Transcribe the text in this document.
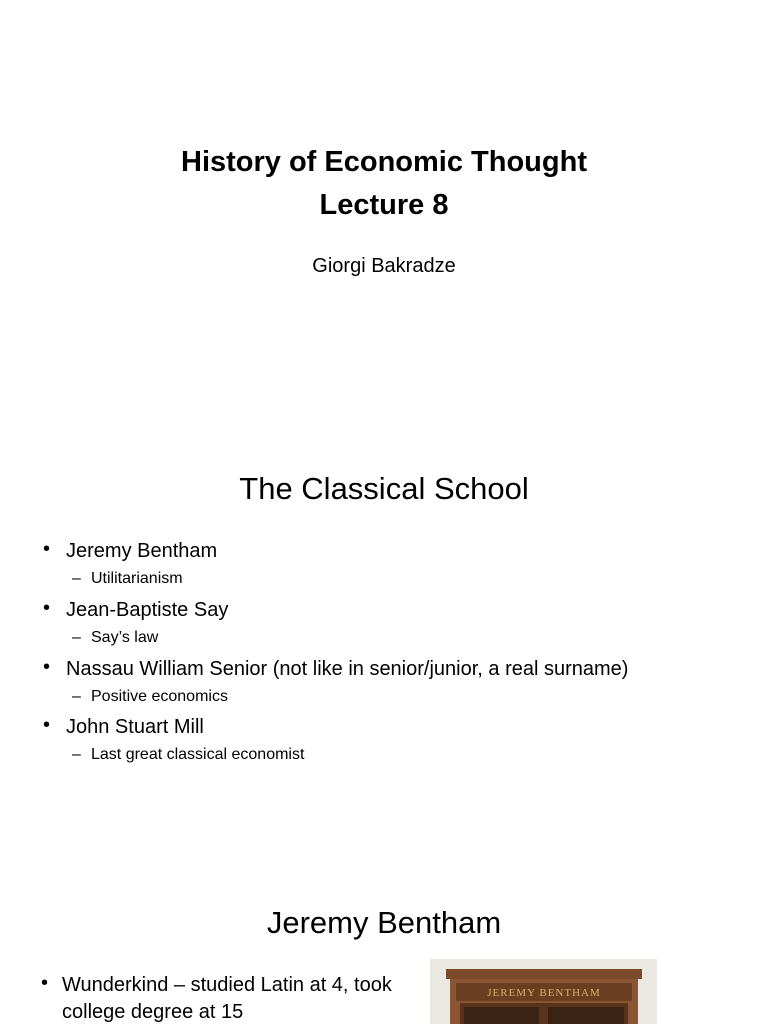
History of Economic Thought
Lecture 8
Giorgi Bakradze
The Classical School
• Jeremy Bentham
– Utilitarianism
• Jean-Baptiste Say
– Say’s law
• Nassau William Senior (not like in senior/junior, a real surname)
– Positive economics
• John Stuart Mill
– Last great classical economist
Jeremy Bentham
• Wunderkind – studied Latin at 4, took college degree at 15
JEREMY BENTHAM
